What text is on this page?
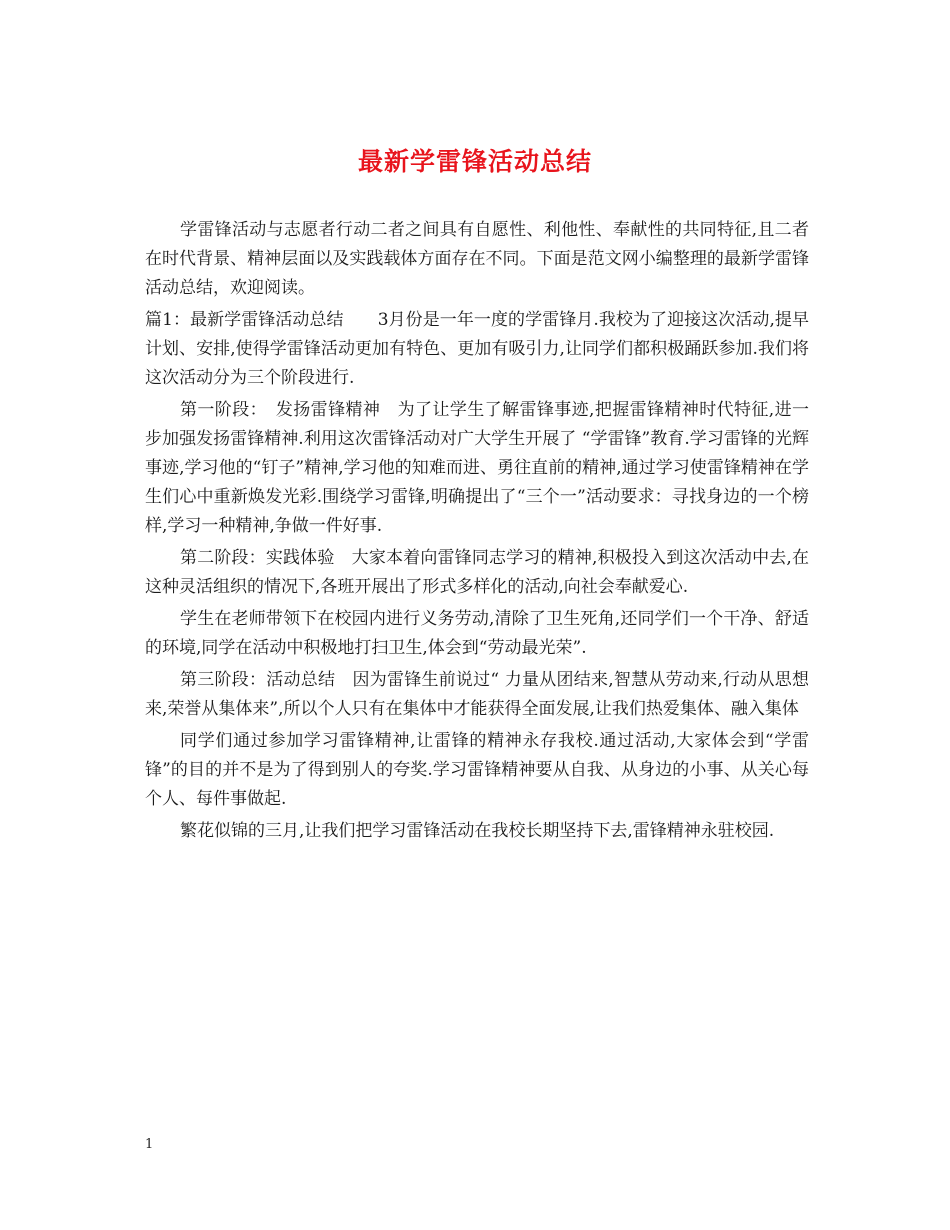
最新学雷锋活动总结

学雷锋活动与志愿者行动二者之间具有自愿性、利他性、奉献性的共同特征,且二者在时代背景、精神层面以及实践载体方面存在不同。下面是范文网小编整理的最新学雷锋活动总结，欢迎阅读。

篇1：最新学雷锋活动总结　　3月份是一年一度的学雷锋月.我校为了迎接这次活动,提早计划、安排,使得学雷锋活动更加有特色、更加有吸引力,让同学们都积极踊跃参加.我们将这次活动分为三个阶段进行.

第一阶段：　发扬雷锋精神　为了让学生了解雷锋事迹,把握雷锋精神时代特征,进一步加强发扬雷锋精神.利用这次雷锋活动对广大学生开展了 “学雷锋”教育.学习雷锋的光辉事迹,学习他的“钉子”精神,学习他的知难而进、勇往直前的精神,通过学习使雷锋精神在学生们心中重新焕发光彩.围绕学习雷锋,明确提出了“三个一”活动要求：寻找身边的一个榜样,学习一种精神,争做一件好事.

第二阶段：实践体验　大家本着向雷锋同志学习的精神,积极投入到这次活动中去,在这种灵活组织的情况下,各班开展出了形式多样化的活动,向社会奉献爱心.

学生在老师带领下在校园内进行义务劳动,清除了卫生死角,还同学们一个干净、舒适的环境,同学在活动中积极地打扫卫生,体会到“劳动最光荣”.

第三阶段：活动总结　因为雷锋生前说过“ 力量从团结来,智慧从劳动来,行动从思想来,荣誉从集体来”,所以个人只有在集体中才能获得全面发展,让我们热爱集体、融入集体

同学们通过参加学习雷锋精神,让雷锋的精神永存我校.通过活动,大家体会到“学雷锋”的目的并不是为了得到别人的夸奖.学习雷锋精神要从自我、从身边的小事、从关心每个人、每件事做起.

繁花似锦的三月,让我们把学习雷锋活动在我校长期坚持下去,雷锋精神永驻校园.

1
